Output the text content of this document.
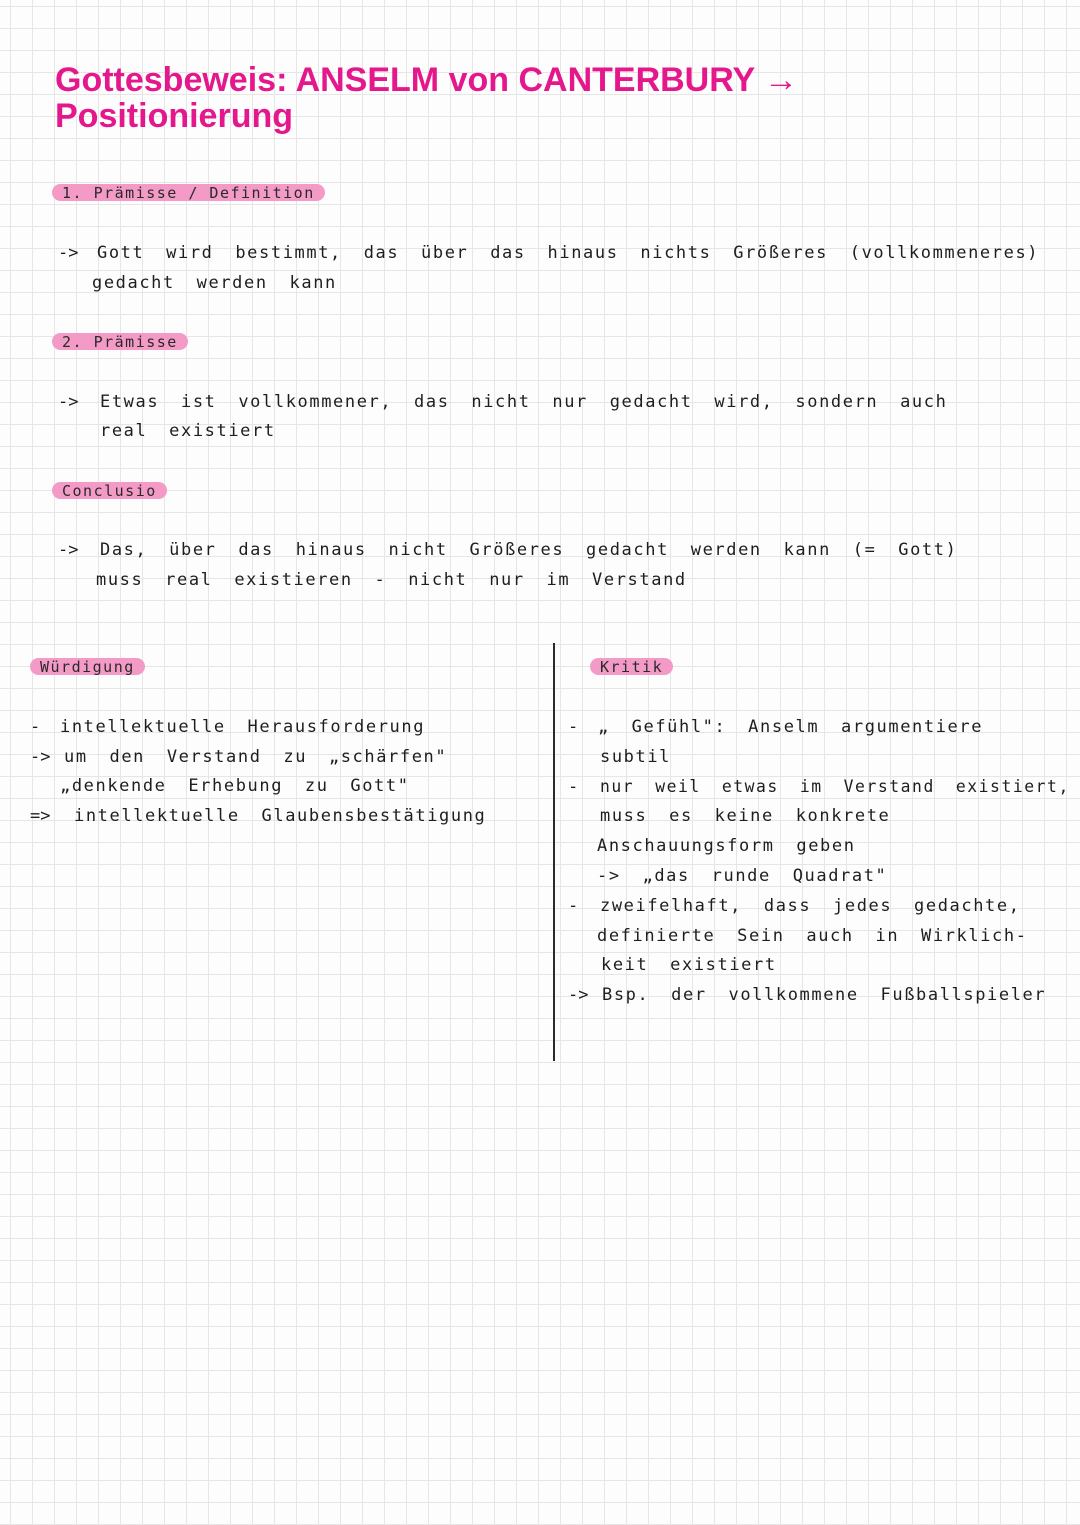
Gottesbeweis: ANSELM von CANTERBURY →
Positionierung
1. Prämisse / Definition
-> Gott wird bestimmt, das über das hinaus nichts Größeres (vollkommeneres)
gedacht werden kann
2. Prämisse
-> Etwas ist vollkommener, das nicht nur gedacht wird, sondern auch
real existiert
Conclusio
-> Das, über das hinaus nicht Größeres gedacht werden kann (= Gott)
muss real existieren - nicht nur im Verstand
Würdigung
- intellektuelle Herausforderung
-> um den Verstand zu „schärfen"
„denkende Erhebung zu Gott"
=> intellektuelle Glaubensbestätigung
Kritik
- „ Gefühl": Anselm argumentiere
subtil
- nur weil etwas im Verstand existiert,
muss es keine konkrete
Anschauungsform geben
-> „das runde Quadrat"
- zweifelhaft, dass jedes gedachte,
definierte Sein auch in Wirklich-
keit existiert
-> Bsp. der vollkommene Fußballspieler
